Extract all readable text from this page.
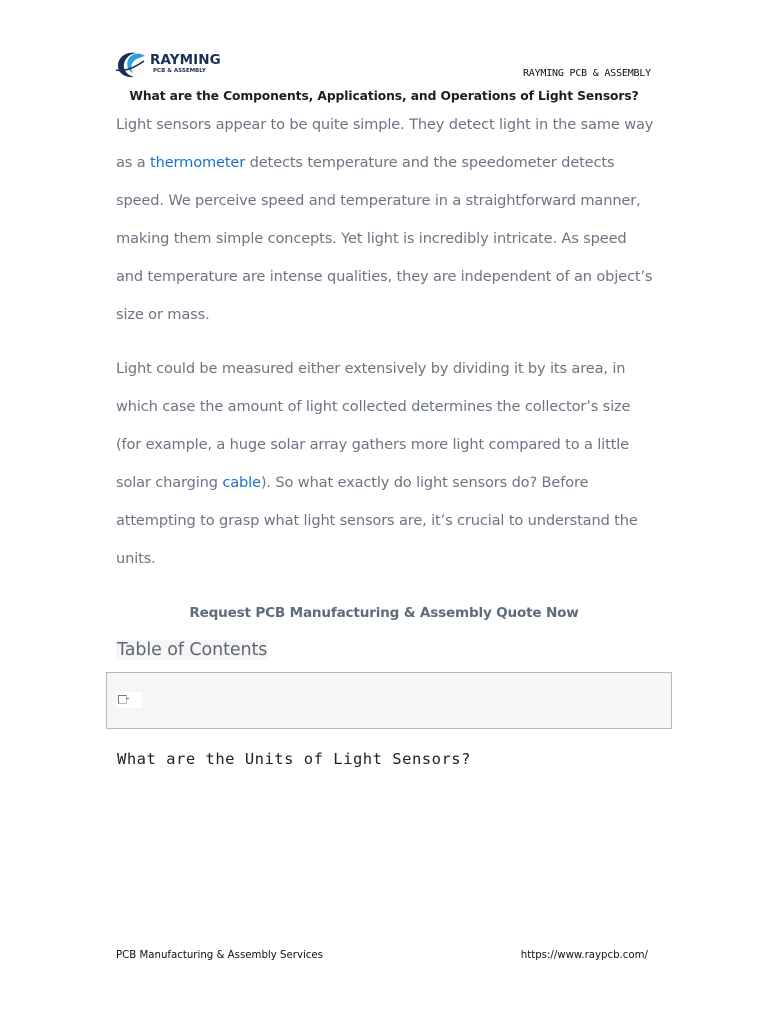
RAYMING
PCB & ASSEMBLY	RAYMING PCB & ASSEMBLY
What are the Components, Applications, and Operations of Light Sensors?

Light sensors appear to be quite simple. They detect light in the same way
as a thermometer detects temperature and the speedometer detects
speed. We perceive speed and temperature in a straightforward manner,
making them simple concepts. Yet light is incredibly intricate. As speed
and temperature are intense qualities, they are independent of an object’s
size or mass.

Light could be measured either extensively by dividing it by its area, in
which case the amount of light collected determines the collector’s size
(for example, a huge solar array gathers more light compared to a little
solar charging cable). So what exactly do light sensors do? Before
attempting to grasp what light sensors are, it’s crucial to understand the
units.

Request PCB Manufacturing & Assembly Quote Now
Table of Contents
What are the Units of Light Sensors?
PCB Manufacturing & Assembly Services	https://www.raypcb.com/
